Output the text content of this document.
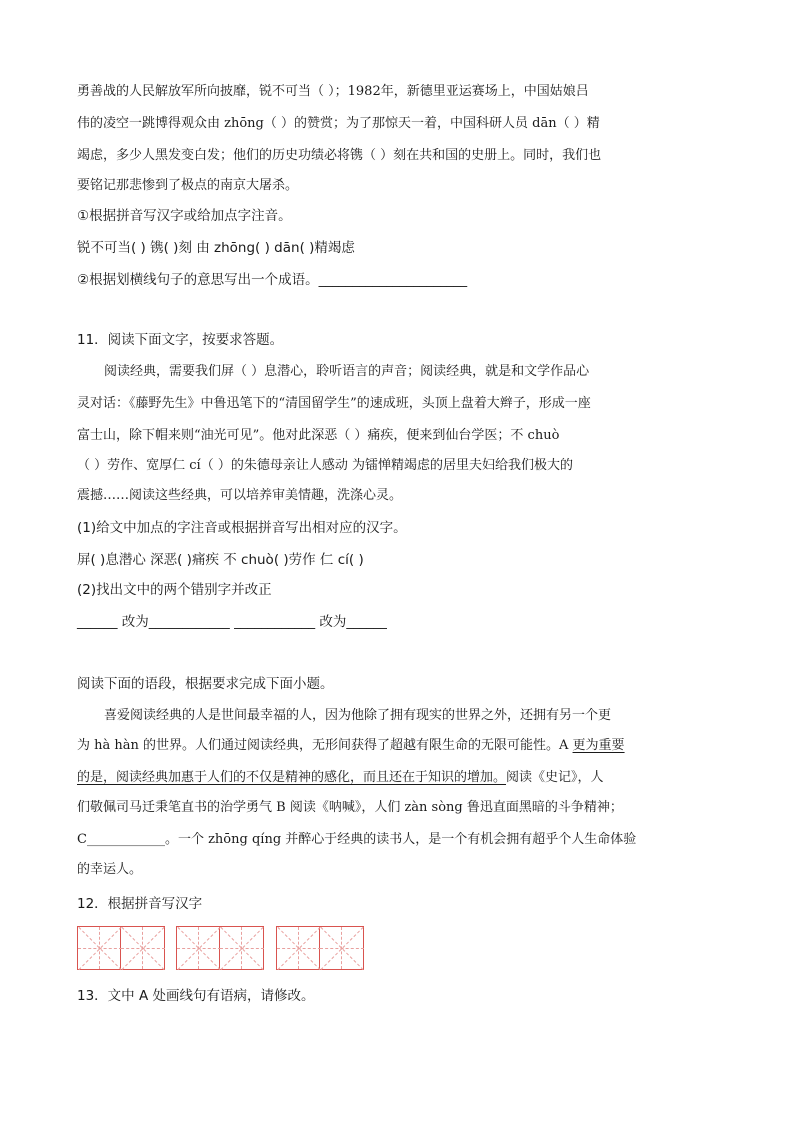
勇善战的人民解放军所向披靡，锐不可当（ ）；1982年，新德里亚运赛场上，中国姑娘吕
伟的凌空一跳博得观众由 zhōng（ ）的赞赏；为了那惊天一着，中国科研人员 dān（ ）精
竭虑，多少人黑发变白发；他们的历史功绩必将镌（ ）刻在共和国的史册上。同时，我们也
要铭记那悲惨到了极点的南京大屠杀。
①根据拼音写汉字或给加点字注音。
锐不可当( ) 镌( )刻 由 zhōng( ) dān( )精竭虑
②根据划横线句子的意思写出一个成语。______________________
11．阅读下面文字，按要求答题。
阅读经典，需要我们屏（ ）息潜心，聆听语言的声音；阅读经典，就是和文学作品心
灵对话：《藤野先生》中鲁迅笔下的“清国留学生”的速成班，头顶上盘着大辫子，形成一座
富士山，除下帽来则“油光可见”。他对此深恶（ ）痛疾，便来到仙台学医；不 chuò
（ ）劳作、宽厚仁 cí（ ）的朱德母亲让人感动 为镭惮精竭虑的居里夫妇给我们极大的
震撼……阅读这些经典，可以培养审美情趣，洗涤心灵。
(1)给文中加点的字注音或根据拼音写出相对应的汉字。
屏( )息潜心 深恶( )痛疾 不 chuò( )劳作 仁 cí( )
(2)找出文中的两个错别字并改正
______ 改为____________ ____________ 改为______
阅读下面的语段，根据要求完成下面小题。
喜爱阅读经典的人是世间最幸福的人，因为他除了拥有现实的世界之外，还拥有另一个更
为 hà hàn 的世界。人们通过阅读经典，无形间获得了超越有限生命的无限可能性。A 更为重要
的是，阅读经典加惠于人们的不仅是精神的感化，而且还在于知识的增加。阅读《史记》，人
们敬佩司马迁秉笔直书的治学勇气 B 阅读《呐喊》，人们 zàn sòng 鲁迅直面黑暗的斗争精神；
C____________。一个 zhōng qíng 并醉心于经典的读书人，是一个有机会拥有超乎个人生命体验
的幸运人。
12．根据拼音写汉字
13．文中 A 处画线句有语病，请修改。
